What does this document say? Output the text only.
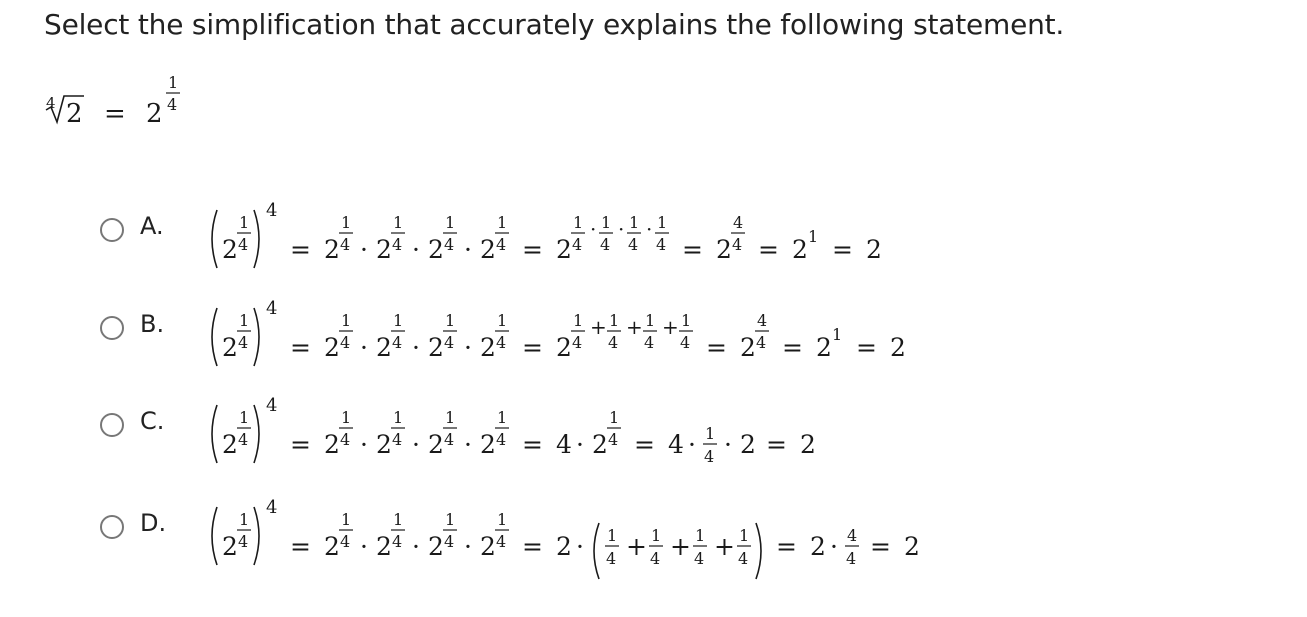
Select the simplification that accurately explains the following statement.
4 2 = 2
1
4
A.
2
1
4
4
= 2
1
4 · 2
1
4 · 2
1
4 · 2
1
4 = 2
1
4
· 1
4
· 1
4
· 1
4 = 2
4
4 = 2 1 = 2
B.
2
1
4
4
= 2
1
4 · 2
1
4 · 2
1
4 · 2
1
4 = 2
1
4
+ 1
4
+ 1
4
+ 1
4 = 2
4
4 = 2 1 = 2
C.
2
1
4
4
= 2
1
4 · 2
1
4 · 2
1
4 · 2
1
4 = 4 · 2
1
4 = 4 · 1
4 · 2 = 2
D.
2
1
4
4
= 2
1
4 · 2
1
4 · 2
1
4 · 2
1
4 = 2 · 1
4 + 1
4 + 1
4 + 1
4 = 2 · 4
4 = 2
